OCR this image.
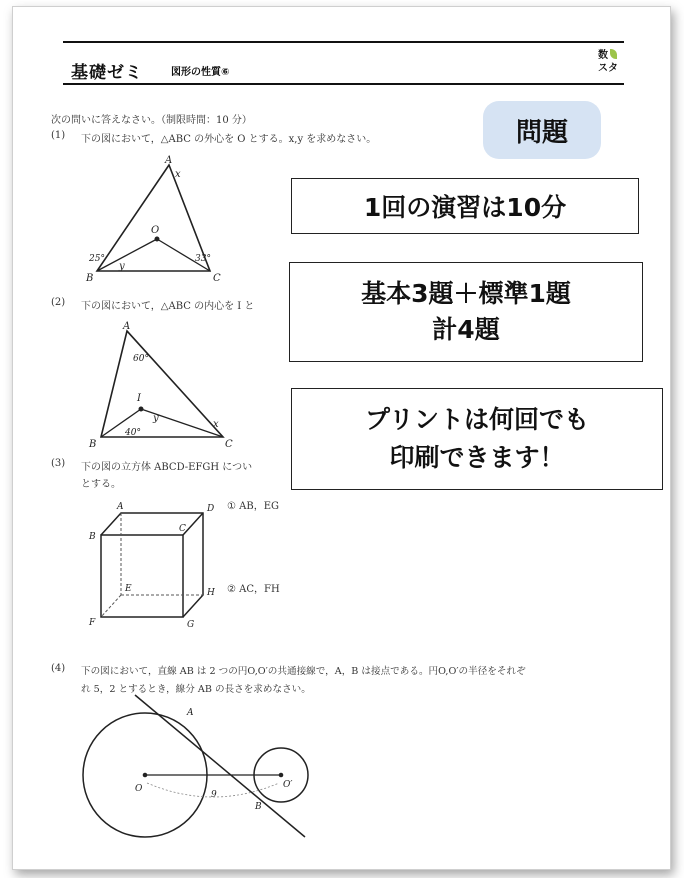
基礎ゼミ	図形の性質⑥
数
スタ
次の問いに答えなさい。（制限時間：10 分）
(1) 下の図において，△ABC の外心を O とする。x,y を求めなさい。
A
x
B	C
O
y
25°	33°
(2) 下の図において，△ABC の内心を I と
A
60°
I
y
x
40°
B	C
(3) 下の図の立方体 ABCD-EFGH につい
とする。
A
B
C
D
E
F	G
H
① AB，EG
② AC，FH
(4) 下の図において，直線 AB は 2 つの円O,O′の共通接線で，A，B は接点である。円O,O′の半径をそれぞ
れ 5，2 とするとき，線分 AB の長さを求めなさい。
A
B
O	O′
9
問題
1回の演習は10分
基本3題＋標準1題
計4題
プリントは何回でも
印刷できます！
